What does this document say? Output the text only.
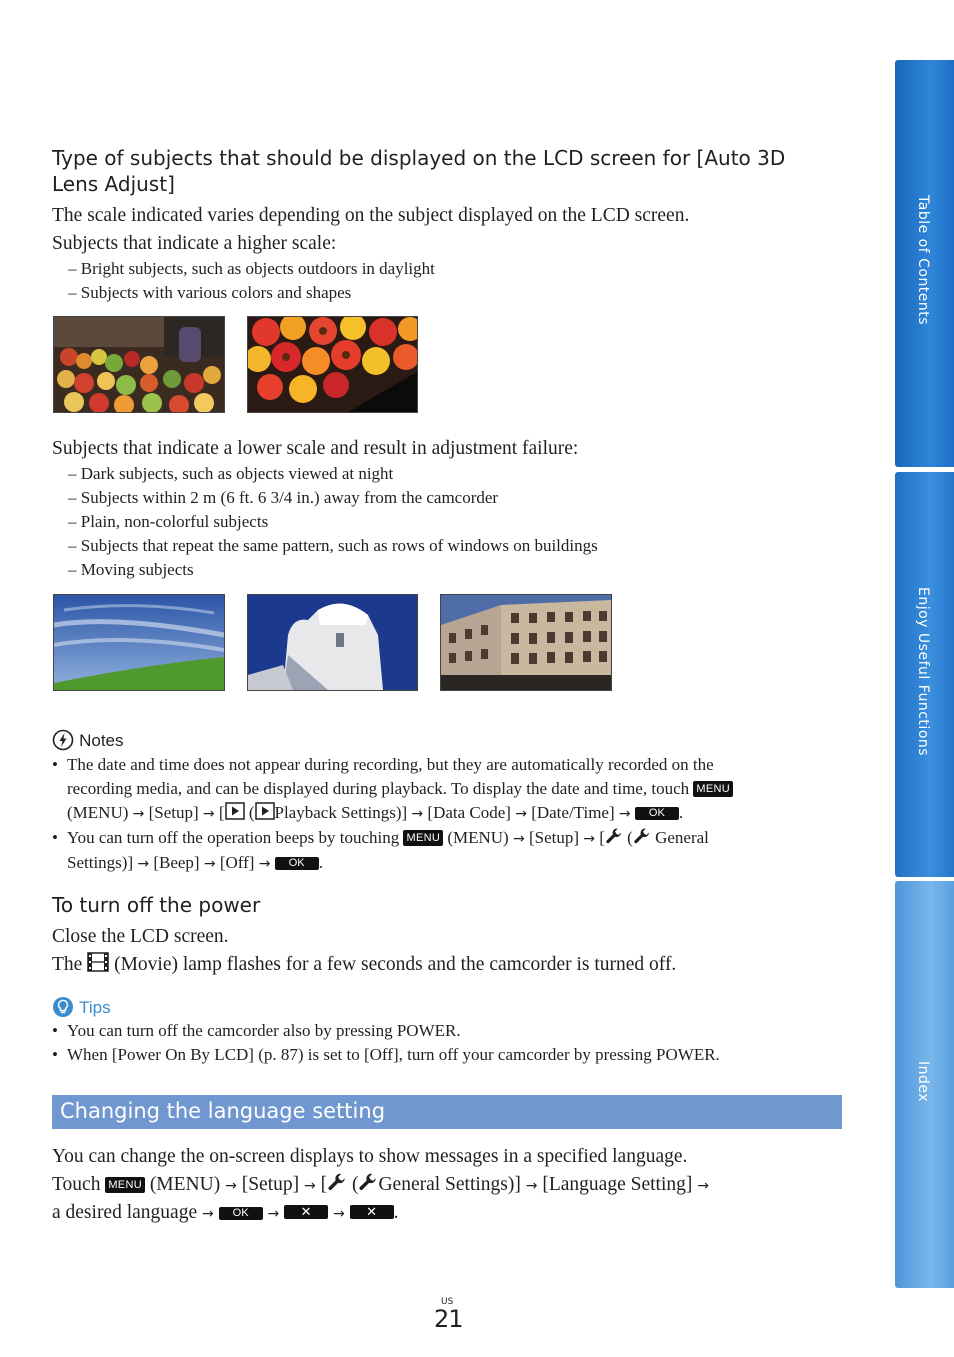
Table of Contents
Enjoy Useful Functions
Index
Type of subjects that should be displayed on the LCD screen for [Auto 3D Lens Adjust]
The scale indicated varies depending on the subject displayed on the LCD screen.
Subjects that indicate a higher scale:
– Bright subjects, such as objects outdoors in daylight
– Subjects with various colors and shapes
Subjects that indicate a lower scale and result in adjustment failure:
– Dark subjects, such as objects viewed at night
– Subjects within 2 m (6 ft. 6 3/4 in.) away from the camcorder
– Plain, non-colorful subjects
– Subjects that repeat the same pattern, such as rows of windows on buildings
– Moving subjects
Notes
• The date and time does not appear during recording, but they are automatically recorded on the
recording media, and can be displayed during playback. To display the date and time, touch MENU
(MENU) → [Setup] → [ ( Playback Settings)] → [Data Code] → [Date/Time] → OK .
• You can turn off the operation beeps by touching MENU (MENU) → [Setup] → [ ( General
Settings)] → [Beep] → [Off] → OK .
To turn off the power
Close the LCD screen.
The (Movie) lamp flashes for a few seconds and the camcorder is turned off.
Tips
• You can turn off the camcorder also by pressing POWER.
• When [Power On By LCD] (p. 87) is set to [Off], turn off your camcorder by pressing POWER.
Changing the language setting
You can change the on-screen displays to show messages in a specified language.
Touch MENU (MENU) → [Setup] → [ ( General Settings)] → [Language Setting] →
a desired language → OK → ✕ → ✕ .
US
21
